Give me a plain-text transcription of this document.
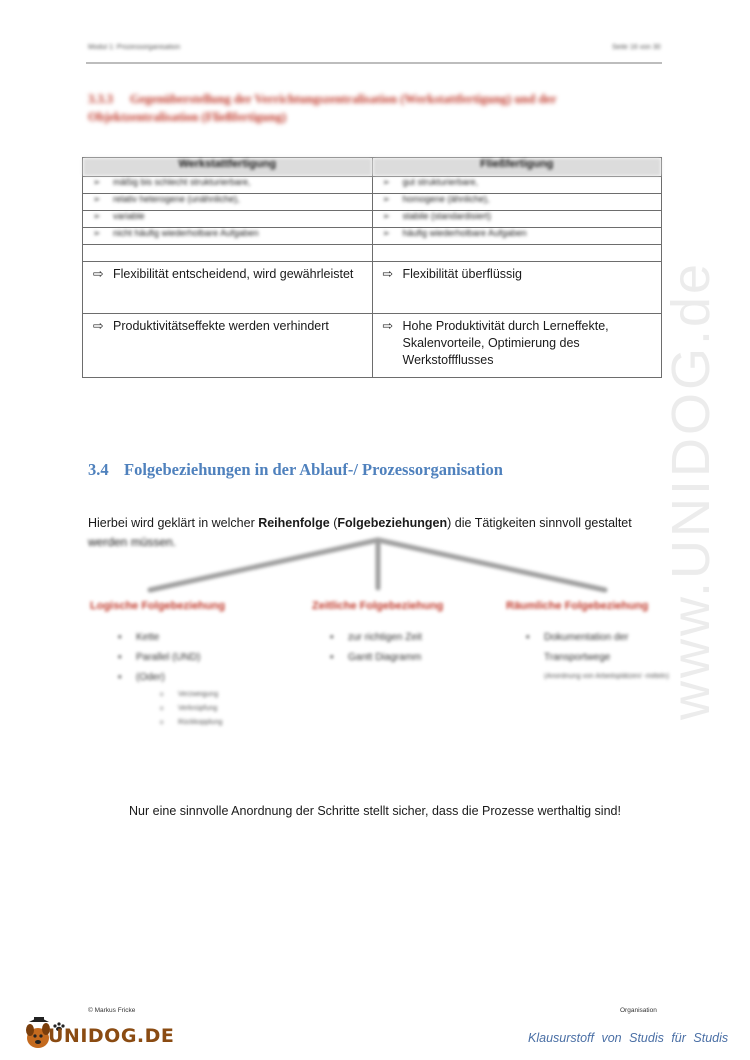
Modul 1: Prozessorganisation	Seite 16 von 30
3.3.3 Gegenüberstellung der Verrichtungszentralisation (Werkstattfertigung) und der Objektzentralisation (Fließfertigung)
Werkstattfertigung	Fließfertigung
➢ mäßig bis schlecht strukturierbare,	➢ gut strukturierbare,
➢ relativ heterogene (unähnliche),	➢ homogene (ähnliche),
➢ variable	➢ stabile (standardisiert)
➢ nicht häufig wiederholbare Aufgaben	➢ häufig wiederholbare Aufgaben

⇨ Flexibilität entscheidend, wird gewährleistet	⇨ Flexibilität überflüssig
⇨ Produktivitätseffekte werden verhindert	⇨ Hohe Produktivität durch Lerneffekte, Skalenvorteile, Optimierung des Werkstoffflusses	www.UNIDOG.de
3.4 Folgebeziehungen in der Ablauf-/ Prozessorganisation
Hierbei wird geklärt in welcher Reihenfolge (Folgebeziehungen) die Tätigkeiten sinnvoll gestaltet
werden müssen.
Logische Folgebeziehung
▪ Kette
▪ Parallel (UND)
▪ (Oder)
o Verzweigung
o Verknüpfung
o Rückkopplung
Zeitliche Folgebeziehung
▪ zur richtigen Zeit
▪ Gantt Diagramm
Räumliche Folgebeziehung
▪ Dokumentation der Transportwege
(Anordnung von Arbeitsplätzen/ -mitteln)
Nur eine sinnvolle Anordnung der Schritte stellt sicher, dass die Prozesse werthaltig sind!
© Markus Fricke	Organisation
UNIDOG.DE	Klausurstoff von Studis für Studis
